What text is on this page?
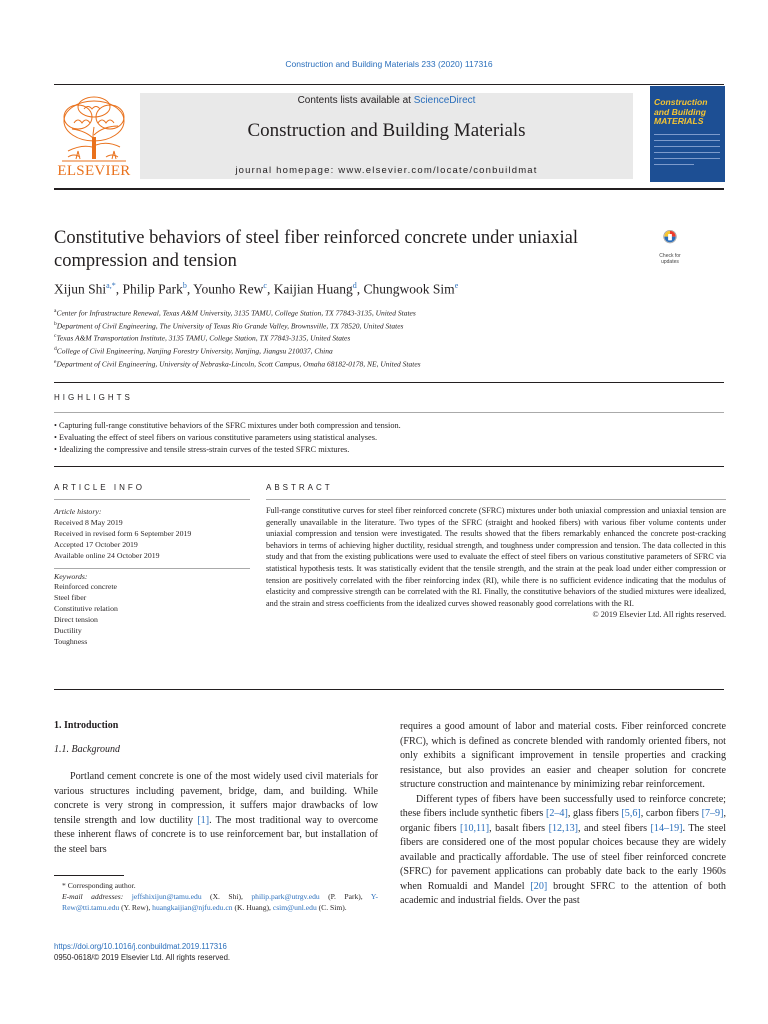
Construction and Building Materials 233 (2020) 117316
ELSEVIER
Contents lists available at ScienceDirect
Construction and Building Materials
journal homepage: www.elsevier.com/locate/conbuildmat
Construction
and Building
MATERIALS
Constitutive behaviors of steel fiber reinforced concrete under uniaxial compression and tension	Check for
updates
Xijun Shi$^{a,*}$, Philip Park$^b$, Younho Rew$^c$, Kaijian Huang$^d$, Chungwook Sim$^e$
$^a$Center for Infrastructure Renewal, Texas A&M University, 3135 TAMU, College Station, TX 77843-3135, United States
$^b$Department of Civil Engineering, The University of Texas Rio Grande Valley, Brownsville, TX 78520, United States
$^c$Texas A&M Transportation Institute, 3135 TAMU, College Station, TX 77843-3135, United States
$^d$College of Civil Engineering, Nanjing Forestry University, Nanjing, Jiangsu 210037, China
$^e$Department of Civil Engineering, University of Nebraska-Lincoln, Scott Campus, Omaha 68182-0178, NE, United States
HIGHLIGHTS
• Capturing full-range constitutive behaviors of the SFRC mixtures under both compression and tension.
• Evaluating the effect of steel fibers on various constitutive parameters using statistical analyses.
• Idealizing the compressive and tensile stress-strain curves of the tested SFRC mixtures.
ARTICLE INFO	ABSTRACT
Article history:
Received 8 May 2019
Received in revised form 6 September 2019
Accepted 17 October 2019
Available online 24 October 2019
Keywords:
Reinforced concrete
Steel fiber
Constitutive relation
Direct tension
Ductility
Toughness
Full-range constitutive curves for steel fiber reinforced concrete (SFRC) mixtures under both uniaxial compression and uniaxial tension are generally unavailable in the literature. Two types of the SFRC (straight and hooked fibers) with various fiber volume contents under uniaxial compression and tension were investigated. The results showed that the fibers remarkably enhanced the concrete post-cracking behaviors in terms of achieving higher ductility, residual strength, and toughness under compression and tension. The data collected in this study and that from the existing publications were used to evaluate the effect of steel fibers on various constitutive parameters of SFRC via statistical hypothesis tests. It was statistically evident that the tensile strength, and the strain at the peak load under either compression or tension are positively correlated with the fiber reinforcing index (RI), while there is no sufficient evidence indicating that the modulus of elasticity and compressive strength can be correlated with the RI. Finally, the constitutive behaviors of the studied mixtures were idealized, and the strain and stress coefficients from the idealized curves showed reasonably good correlations with the RI.
© 2019 Elsevier Ltd. All rights reserved.

1. Introduction

1.1. Background

Portland cement concrete is one of the most widely used civil materials for various structures including pavement, bridge, dam, and building. While concrete is very strong in compression, it suffers major drawbacks of low tensile strength and low ductility [1]. The most traditional way to overcome these inherent flaws of concrete is to use reinforcement bar, but installation of the steel bars

requires a good amount of labor and material costs. Fiber reinforced concrete (FRC), which is defined as concrete blended with randomly oriented fibers, not only exhibits a significant improvement in tensile properties and cracking resistance, but also provides an easier and cheaper solution for concrete structure construction and maintenance by minimizing rebar reinforcement.

Different types of fibers have been successfully used to reinforce concrete; these fibers include synthetic fibers [2–4], glass fibers [5,6], carbon fibers [7–9], organic fibers [10,11], basalt fibers [12,13], and steel fibers [14–19]. The steel fibers are considered one of the most popular choices because they are widely available and practically affordable. The use of steel fiber reinforced concrete (SFRC) for pavement applications can probably date back to the early 1960s when Romualdi and Mandel [20] brought SFRC to the attention of both academic and industrial fields. Over the past

* Corresponding author.
E-mail addresses: jeffshixijun@tamu.edu (X. Shi), philip.park@utrgv.edu (P. Park), Y-Rew@tti.tamu.edu (Y. Rew), huangkaijian@njfu.edu.cn (K. Huang), csim@unl.edu (C. Sim).
https://doi.org/10.1016/j.conbuildmat.2019.117316
0950-0618/© 2019 Elsevier Ltd. All rights reserved.
